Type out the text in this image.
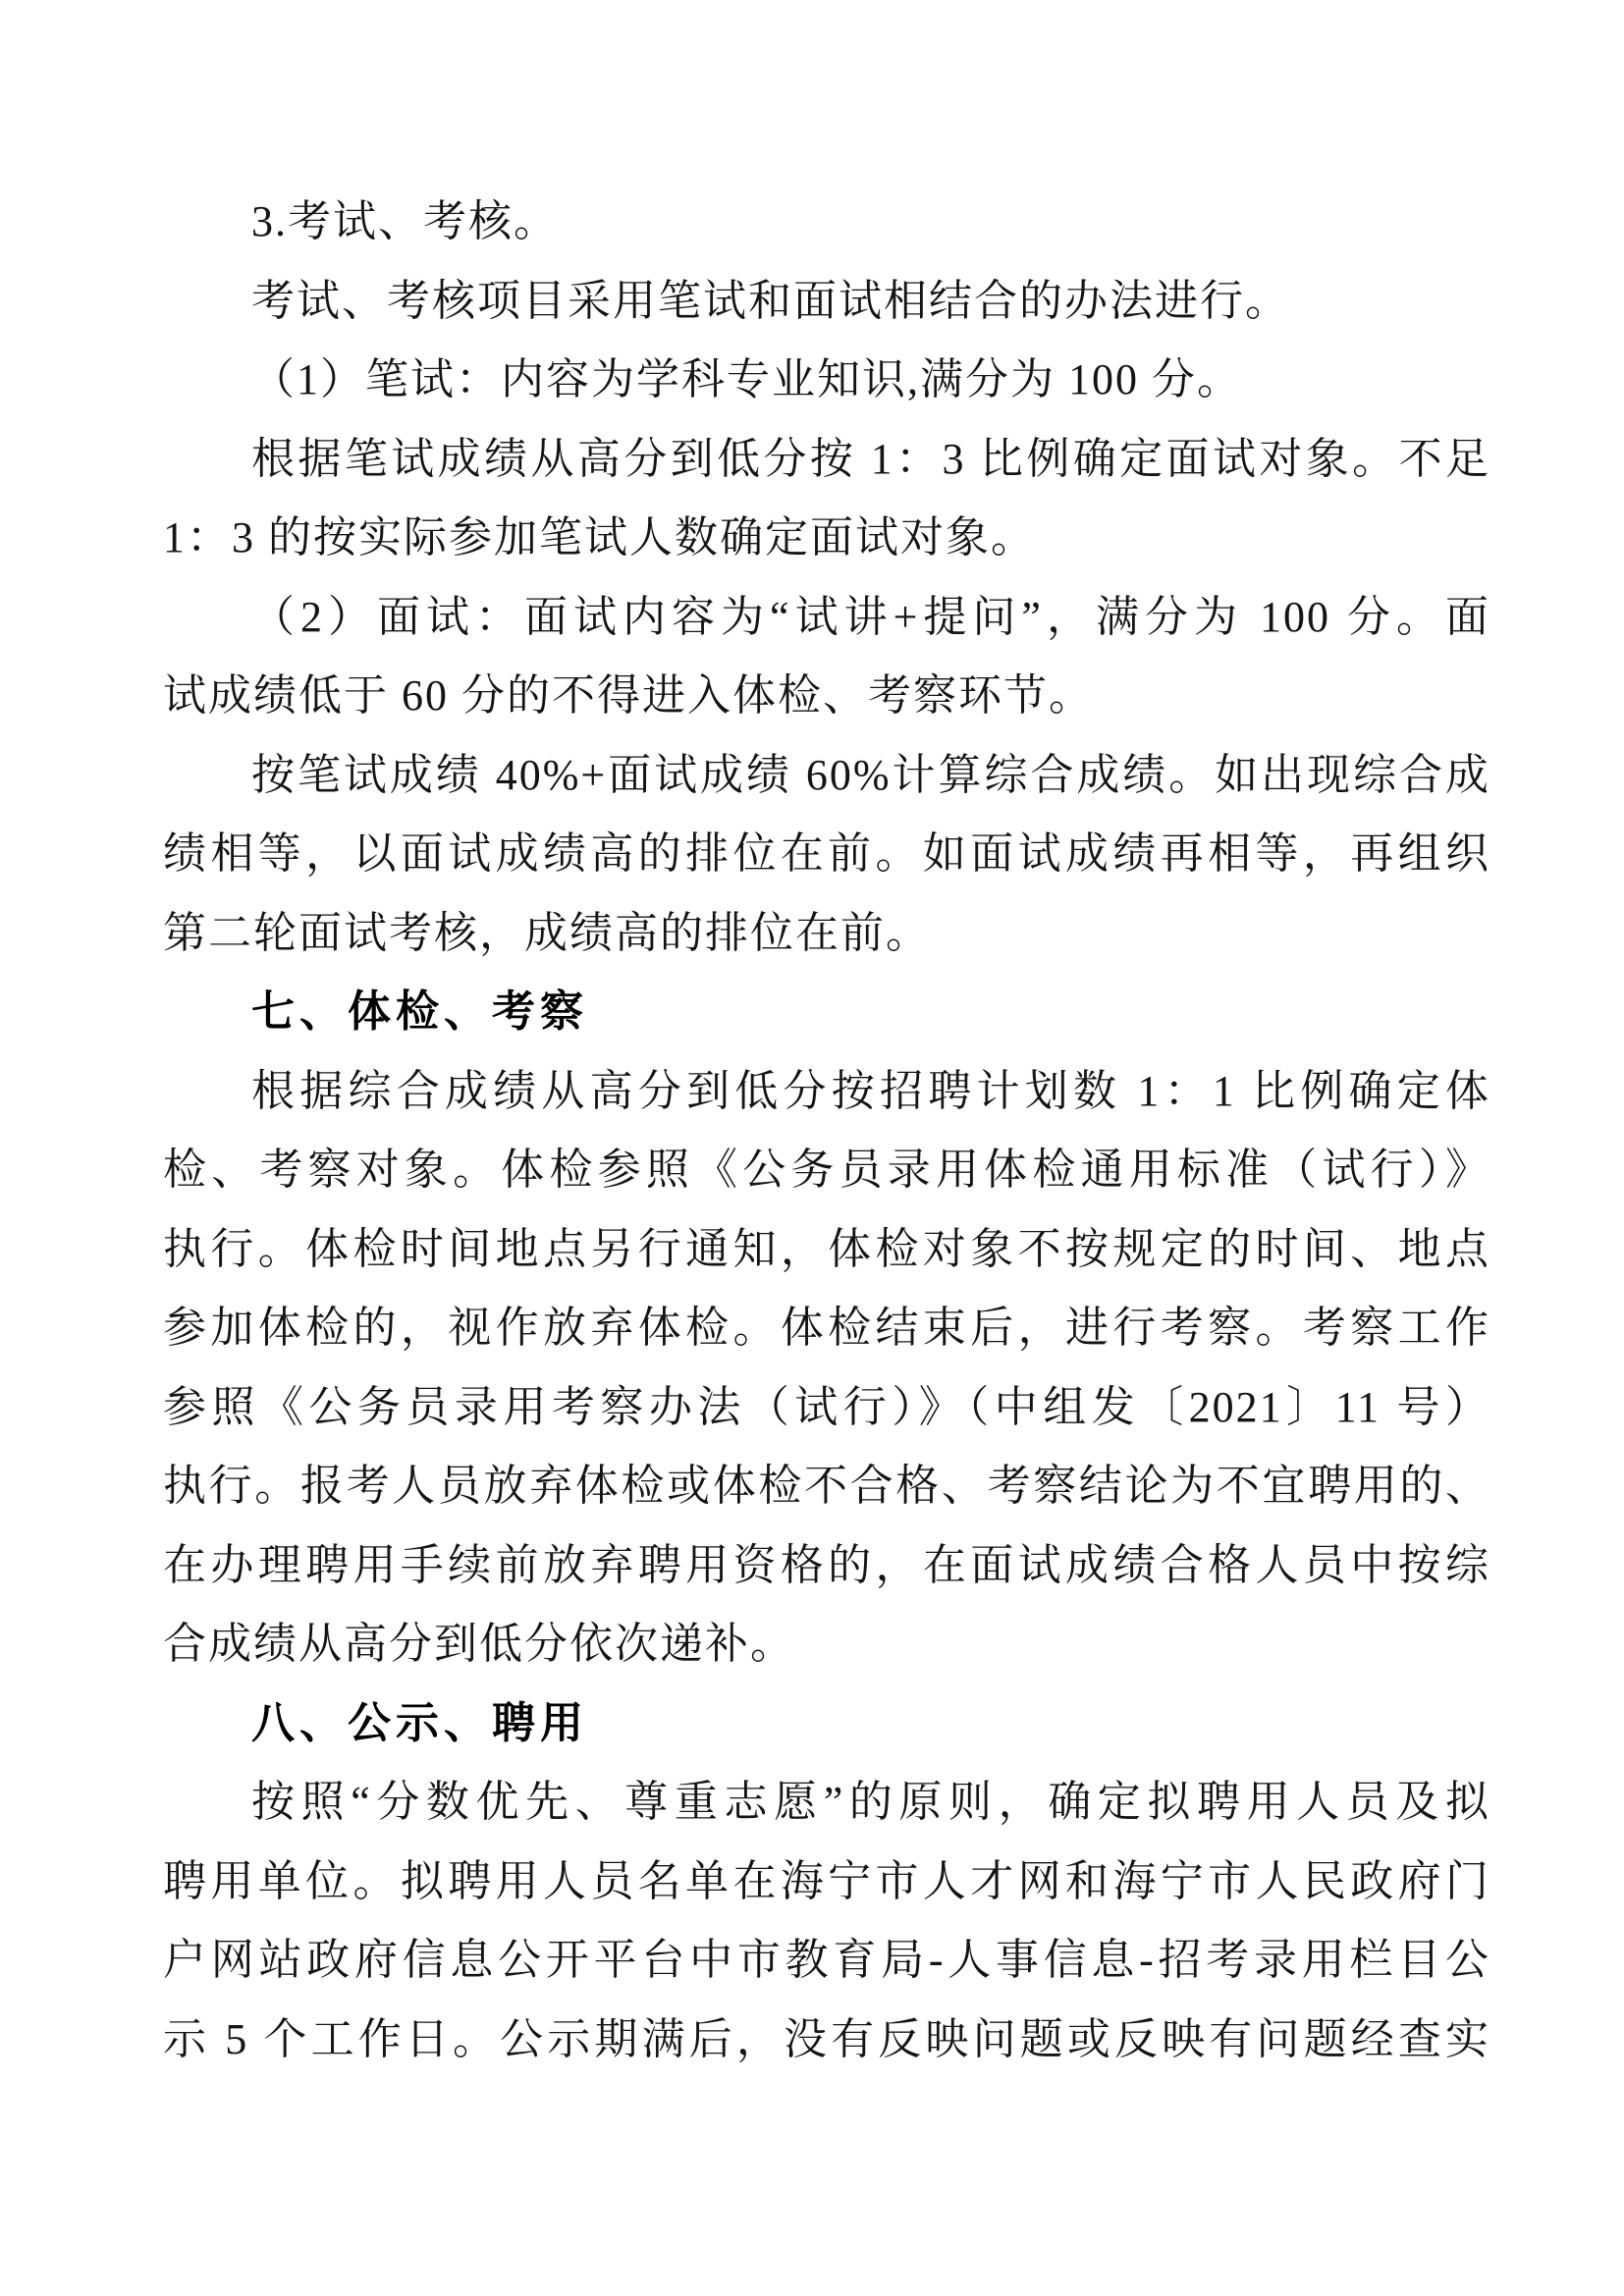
3.考试、考核。
考试、考核项目采用笔试和面试相结合的办法进行。
（1）笔试：内容为学科专业知识,满分为 100 分。
根据笔试成绩从高分到低分按 1：3 比例确定面试对象。不足
1：3 的按实际参加笔试人数确定面试对象。
（2）面试：面试内容为“试讲+提问”，满分为 100 分。面
试成绩低于 60 分的不得进入体检、考察环节。
按笔试成绩 40%+面试成绩 60%计算综合成绩。如出现综合成
绩相等，以面试成绩高的排位在前。如面试成绩再相等，再组织
第二轮面试考核，成绩高的排位在前。
七、体检、考察
根据综合成绩从高分到低分按招聘计划数 1：1 比例确定体
检、考察对象。体检参照《公务员录用体检通用标准（试行）》
执行。体检时间地点另行通知，体检对象不按规定的时间、地点
参加体检的，视作放弃体检。体检结束后，进行考察。考察工作
参照《公务员录用考察办法（试行）》（中组发〔2021〕11 号）
执行。报考人员放弃体检或体检不合格、考察结论为不宜聘用的、
在办理聘用手续前放弃聘用资格的，在面试成绩合格人员中按综
合成绩从高分到低分依次递补。
八、公示、聘用
按照“分数优先、尊重志愿”的原则，确定拟聘用人员及拟
聘用单位。拟聘用人员名单在海宁市人才网和海宁市人民政府门
户网站政府信息公开平台中市教育局-人事信息-招考录用栏目公
示 5 个工作日。公示期满后，没有反映问题或反映有问题经查实
